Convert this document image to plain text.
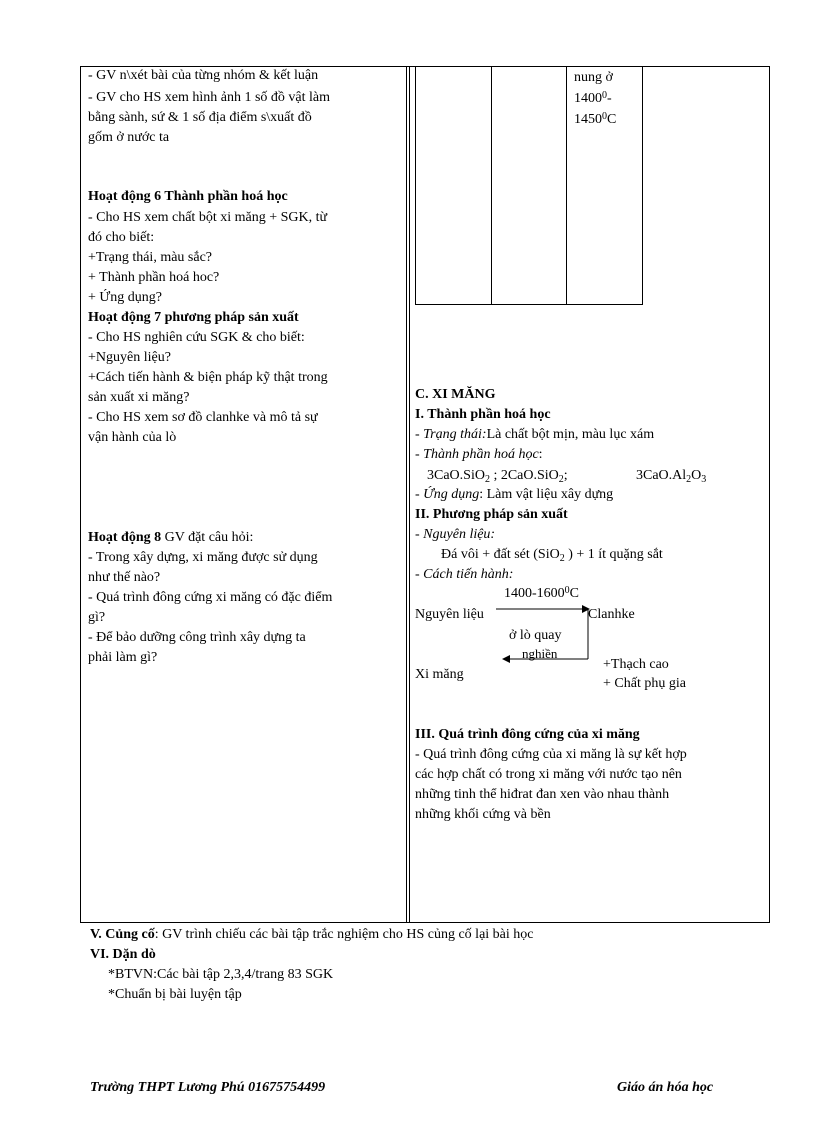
nung ở
1400$^0$-
1450$^0$C
- GV n\xét bài của từng nhóm & kết luận
- GV cho HS xem hình ảnh 1 số đồ vật làm
bằng sành, sứ & 1 số địa điểm s\xuất đồ
gốm ở nước ta
Hoạt động 6 Thành phần hoá học
- Cho HS xem chất bột xi măng + SGK, từ
đó cho biết:
+Trạng thái, màu sắc?
+ Thành phần hoá hoc?
+ Ứng dụng?
Hoạt động 7 phương pháp sản xuất
- Cho HS nghiên cứu SGK & cho biết:
+Nguyên liệu?
+Cách tiến hành & biện pháp kỹ thật trong
sản xuất xi măng?
- Cho HS xem sơ đồ clanhke và mô tả sự
vận hành của lò
Hoạt động 8 GV đặt câu hỏi:
- Trong xây dựng, xi măng được sử dụng
như thế nào?
- Quá trình đông cứng xi măng có đặc điểm
gì?
- Để bảo dưỡng công trình xây dựng ta
phải làm gì?
C. XI MĂNG
I. Thành phần hoá học
- Trạng thái:Là chất bột mịn, màu lục xám
- Thành phần hoá học:
3CaO.SiO$_2$ ; 2CaO.SiO$_2$;	$3CaO.Al_2O_3$
- Ứng dụng: Làm vật liệu xây dựng
II. Phương pháp sản xuất
- Nguyên liệu:
Đá vôi + đất sét (SiO$_2$ ) + 1 ít quặng sắt
- Cách tiến hành:
1400-1600$^0$C
Nguyên liệu	Clanhke
ở lò quay
nghiền
Xi măng
+Thạch cao
+ Chất phụ gia
III. Quá trình đông cứng của xi măng
- Quá trình đông cứng của xi măng là sự kết hợp
các hợp chất có trong xi măng với nước tạo nên
những tinh thể hiđrat đan xen vào nhau thành
những khối cứng và bền
V. Củng cố: GV trình chiếu các bài tập trắc nghiệm cho HS củng cố lại bài học
VI. Dặn dò
*BTVN:Các bài tập 2,3,4/trang 83 SGK
*Chuẩn bị bài luyện tập
Trường THPT Lương Phú 01675754499	Giáo án hóa học
